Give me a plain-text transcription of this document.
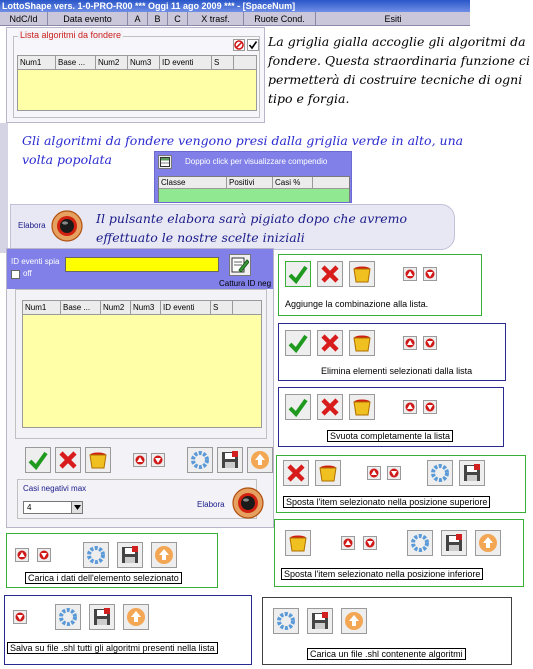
LottoShape vers. 1-0-PRO-R00 *** Oggi 11 ago 2009 *** - [SpaceNum]
NdC/Id	Data evento	A	B	C	X trasf.	Ruote Cond.	Esiti
Lista algoritmi da fondere
Num1	Base ...	Num2	Num3	ID eventi	S
La griglia gialla accoglie gli algoritmi da fondere. Questa straordinaria funzione ci permetterà di costruire tecniche di ogni tipo e forgia.
Gli algoritmi da fondere vengono presi dalla griglia verde in alto, una volta popolata	Doppio click per visualizzare compendio
Classe	Positivi	Casi %
Elabora	Il pulsante elabora sarà pigiato dopo che avremo effettuato le nostre scelte iniziali
ID eventi spia
off
Cattura ID neg
Num1	Base ...	Num2	Num3	ID eventi	S
Casi negativi max
4	Elabora
Aggiunge la combinazione alla lista.
Elimina elementi selezionati dalla lista
Svuota completamente la lista
Sposta l'item selezionato nella posizione superiore
Carica i dati dell'elemento selezionato	Sposta l'item selezionato nella posizione inferiore
Salva su file .shl tutti gli algoritmi presenti nella lista
Carica un file .shl contenente algoritmi
